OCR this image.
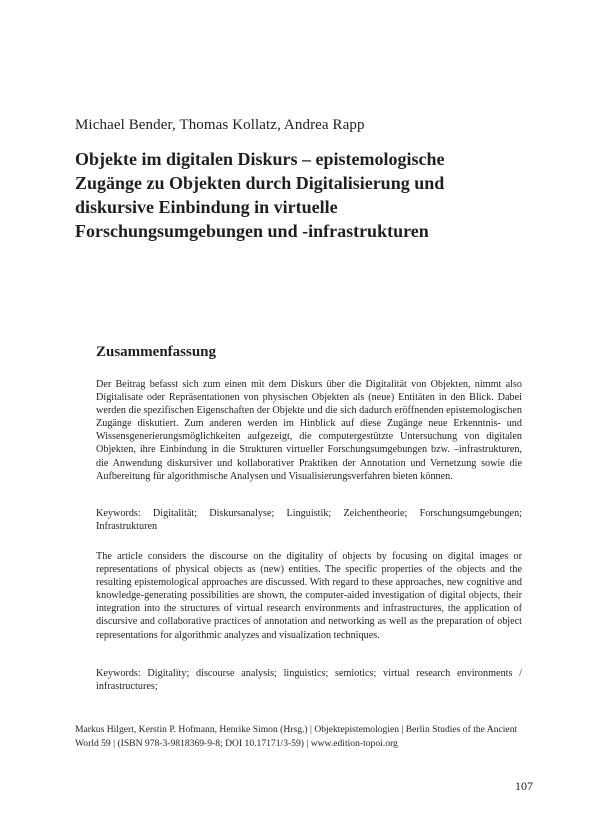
Michael Bender, Thomas Kollatz, Andrea Rapp
Objekte im digitalen Diskurs – epistemologische Zugänge zu Objekten durch Digitalisierung und diskursive Einbindung in virtuelle Forschungsumgebungen und -infrastrukturen
Zusammenfassung

Der Beitrag befasst sich zum einen mit dem Diskurs über die Digitalität von Objekten, nimmt also Digitalisate oder Repräsentationen von physischen Objekten als (neue) Entitäten in den Blick. Dabei werden die spezifischen Eigenschaften der Objekte und die sich dadurch eröffnenden epistemologischen Zugänge diskutiert. Zum anderen werden im Hinblick auf diese Zugänge neue Erkenntnis- und Wissensgenerierungsmöglichkeiten aufgezeigt, die computergestützte Untersuchung von digitalen Objekten, ihre Einbindung in die Strukturen virtueller Forschungsumgebungen bzw. –infrastrukturen, die Anwendung diskursiver und kollaborativer Praktiken der Annotation und Vernetzung sowie die Aufbereitung für algorithmische Analysen und Visualisierungsverfahren bieten können.

Keywords: Digitalität; Diskursanalyse; Linguistik; Zeichentheorie; Forschungsumgebungen; Infrastrukturen

The article considers the discourse on the digitality of objects by focusing on digital images or representations of physical objects as (new) entities. The specific properties of the objects and the resulting epistemological approaches are discussed. With regard to these approaches, new cognitive and knowledge-generating possibilities are shown, the computer-aided investigation of digital objects, their integration into the structures of virtual research environments and infrastructures, the application of discursive and collaborative practices of annotation and networking as well as the preparation of object representations for algorithmic analyzes and visualization techniques.

Keywords: Digitality; discourse analysis; linguistics; semiotics; virtual research environments / infrastructures;

Markus Hilgert, Kerstin P. Hofmann, Henrike Simon (Hrsg.) | Objektepistemologien | Berlin Studies of the Ancient World 59 | (ISBN 978-3-9818369-9-8; DOI 10.17171/3-59) | www.edition-topoi.org

107
